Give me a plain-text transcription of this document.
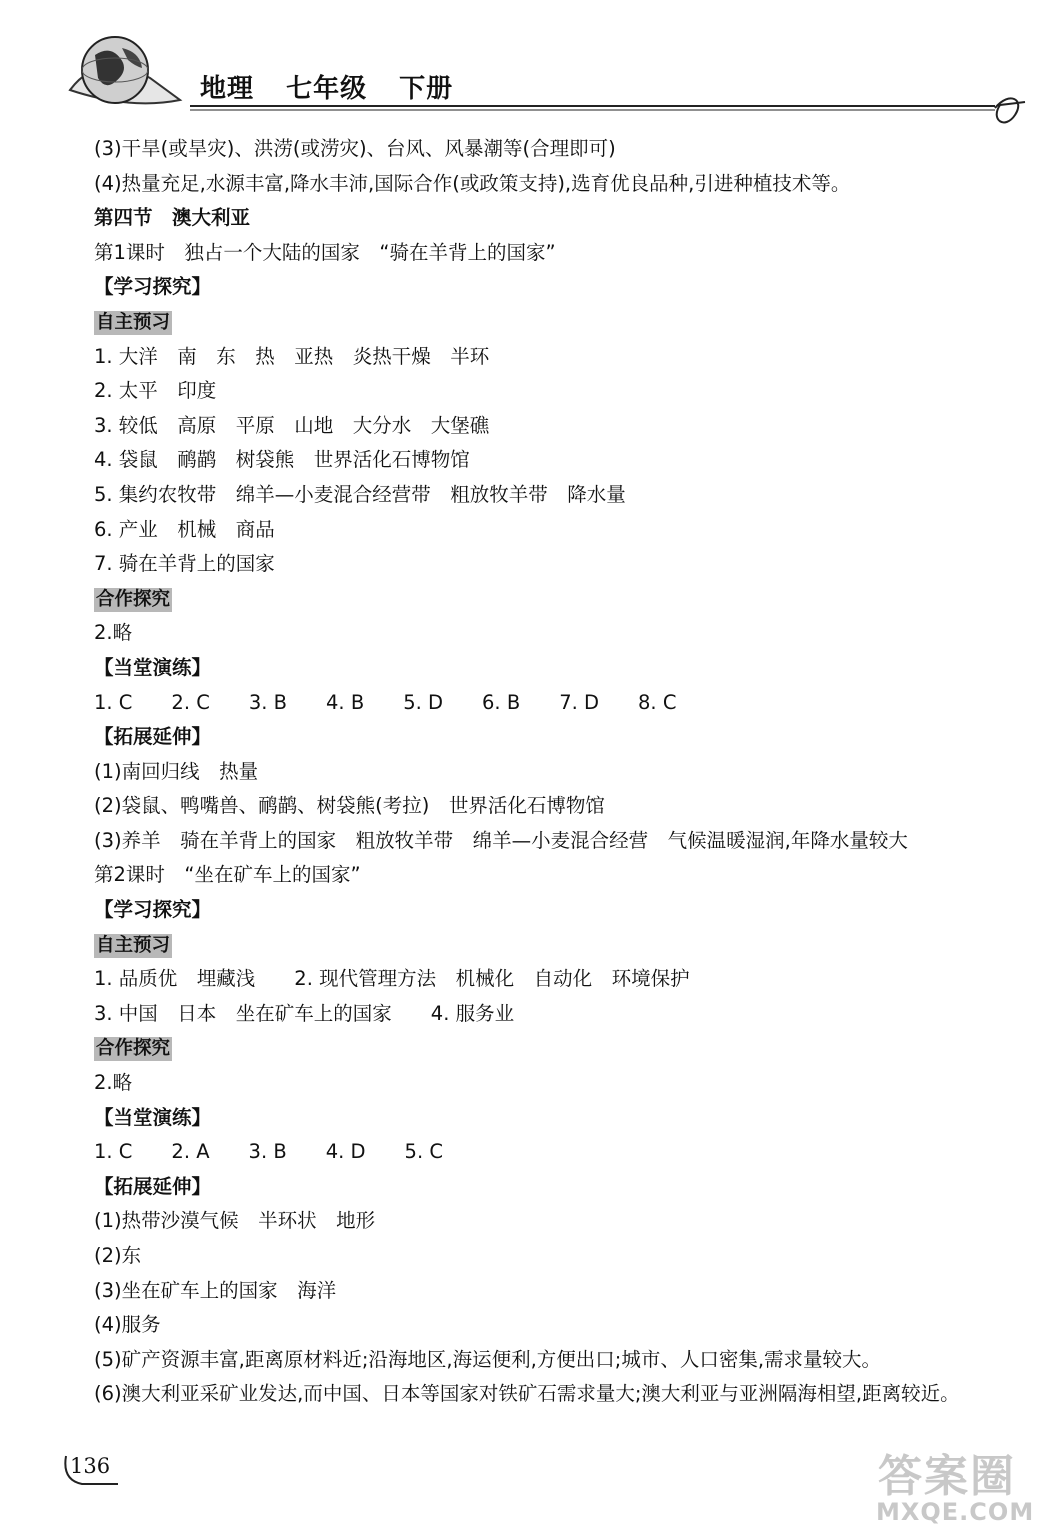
地理 七年级 下册
(3)干旱(或旱灾)、洪涝(或涝灾)、台风、风暴潮等(合理即可)
(4)热量充足,水源丰富,降水丰沛,国际合作(或政策支持),选育优良品种,引进种植技术等。
第四节　澳大利亚
第1课时　独占一个大陆的国家　“骑在羊背上的国家”
【学习探究】
自主预习
1. 大洋　南　东　热　亚热　炎热干燥　半环
2. 太平　印度
3. 较低　高原　平原　山地　大分水　大堡礁
4. 袋鼠　鸸鹋　树袋熊　世界活化石博物馆
5. 集约农牧带　绵羊—小麦混合经营带　粗放牧羊带　降水量
6. 产业　机械　商品
7. 骑在羊背上的国家
合作探究
2.略
【当堂演练】
1. C　　2. C　　3. B　　4. B　　5. D　　6. B　　7. D　　8. C
【拓展延伸】
(1)南回归线　热量
(2)袋鼠、鸭嘴兽、鸸鹋、树袋熊(考拉)　世界活化石博物馆
(3)养羊　骑在羊背上的国家　粗放牧羊带　绵羊—小麦混合经营　气候温暖湿润,年降水量较大
第2课时　“坐在矿车上的国家”
【学习探究】
自主预习
1. 品质优　埋藏浅　　2. 现代管理方法　机械化　自动化　环境保护
3. 中国　日本　坐在矿车上的国家　　4. 服务业
合作探究
2.略
【当堂演练】
1. C　　2. A　　3. B　　4. D　　5. C
【拓展延伸】
(1)热带沙漠气候　半环状　地形
(2)东
(3)坐在矿车上的国家　海洋
(4)服务
(5)矿产资源丰富,距离原材料近;沿海地区,海运便利,方便出口;城市、人口密集,需求量较大。
(6)澳大利亚采矿业发达,而中国、日本等国家对铁矿石需求量大;澳大利亚与亚洲隔海相望,距离较近。
136	答案圈
MXQE.COM
